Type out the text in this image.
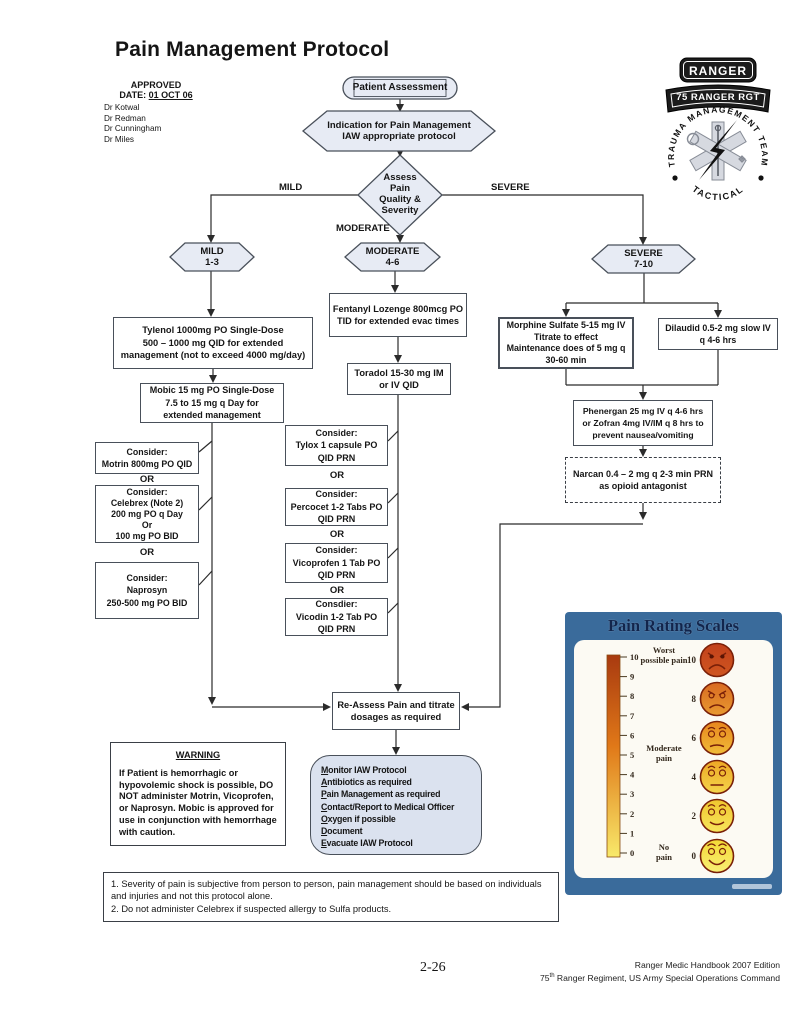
Pain Management Protocol
APPROVED
DATE: 01 OCT 06
Dr Kotwal
Dr Redman
Dr Cunningham
Dr Miles
RANGER
75 RANGER RGT
TRAUMA MANAGEMENT TEAM
TACTICAL
Patient Assessment
Indication for Pain Management
IAW appropriate protocol
Assess
Pain
Quality &
Severity
MILD	SEVERE
MODERATE
MILD
1-3
MODERATE
4-6
SEVERE
7-10
Tylenol 1000mg PO Single-Dose
500 – 1000 mg QID for extended
management (not to exceed 4000 mg/day)
Mobic 15 mg PO Single-Dose
7.5 to 15 mg q Day for
extended management
Consider:
Motrin 800mg PO QID
OR
Consider:
Celebrex (Note 2)
200 mg PO q Day
Or
100 mg PO BID
OR
Consider:
Naprosyn
250-500 mg PO BID
Fentanyl Lozenge 800mcg PO
TID for extended evac times
Toradol 15-30 mg IM
or IV QID
Consider:
Tylox 1 capsule PO
QID PRN
OR
Consider:
Percocet 1-2 Tabs PO
QID PRN
OR
Consider:
Vicoprofen 1 Tab PO
QID PRN
OR
Consdier:
Vicodin 1-2 Tab PO
QID PRN
Morphine Sulfate 5-15 mg IV
Titrate to effect
Maintenance does of 5 mg q
30-60 min
Dilaudid 0.5-2 mg slow IV
q 4-6 hrs
Phenergan 25 mg IV q 4-6 hrs
or Zofran 4mg IV/IM q 8 hrs to
prevent nausea/vomiting
Narcan 0.4 – 2 mg q 2-3 min PRN
as opioid antagonist
Re-Assess Pain and titrate
dosages as required
Monitor IAW Protocol
Antibiotics as required
Pain Management as required
Contact/Report to Medical Officer
Oxygen if possible
Document
Evacuate IAW Protocol
WARNING
If Patient is hemorrhagic or hypovolemic shock is possible, DO NOT administer Motrin, Vicoprofen, or Naprosyn. Mobic is approved for use in conjunction with hemorrhage with caution.
1. Severity of pain is subjective from person to person, pain management should be based on individuals and injuries and not this protocol alone.
2. Do not administer Celebrex if suspected allergy to Sulfa products.
Pain Rating Scales
10
9
8
7
6
5
4
3
2
1
0
10
8
6
4
2
0
Worst possible pain
Moderate pain
No pain
2-26	Ranger Medic Handbook 2007 Edition
75th Ranger Regiment, US Army Special Operations Command
